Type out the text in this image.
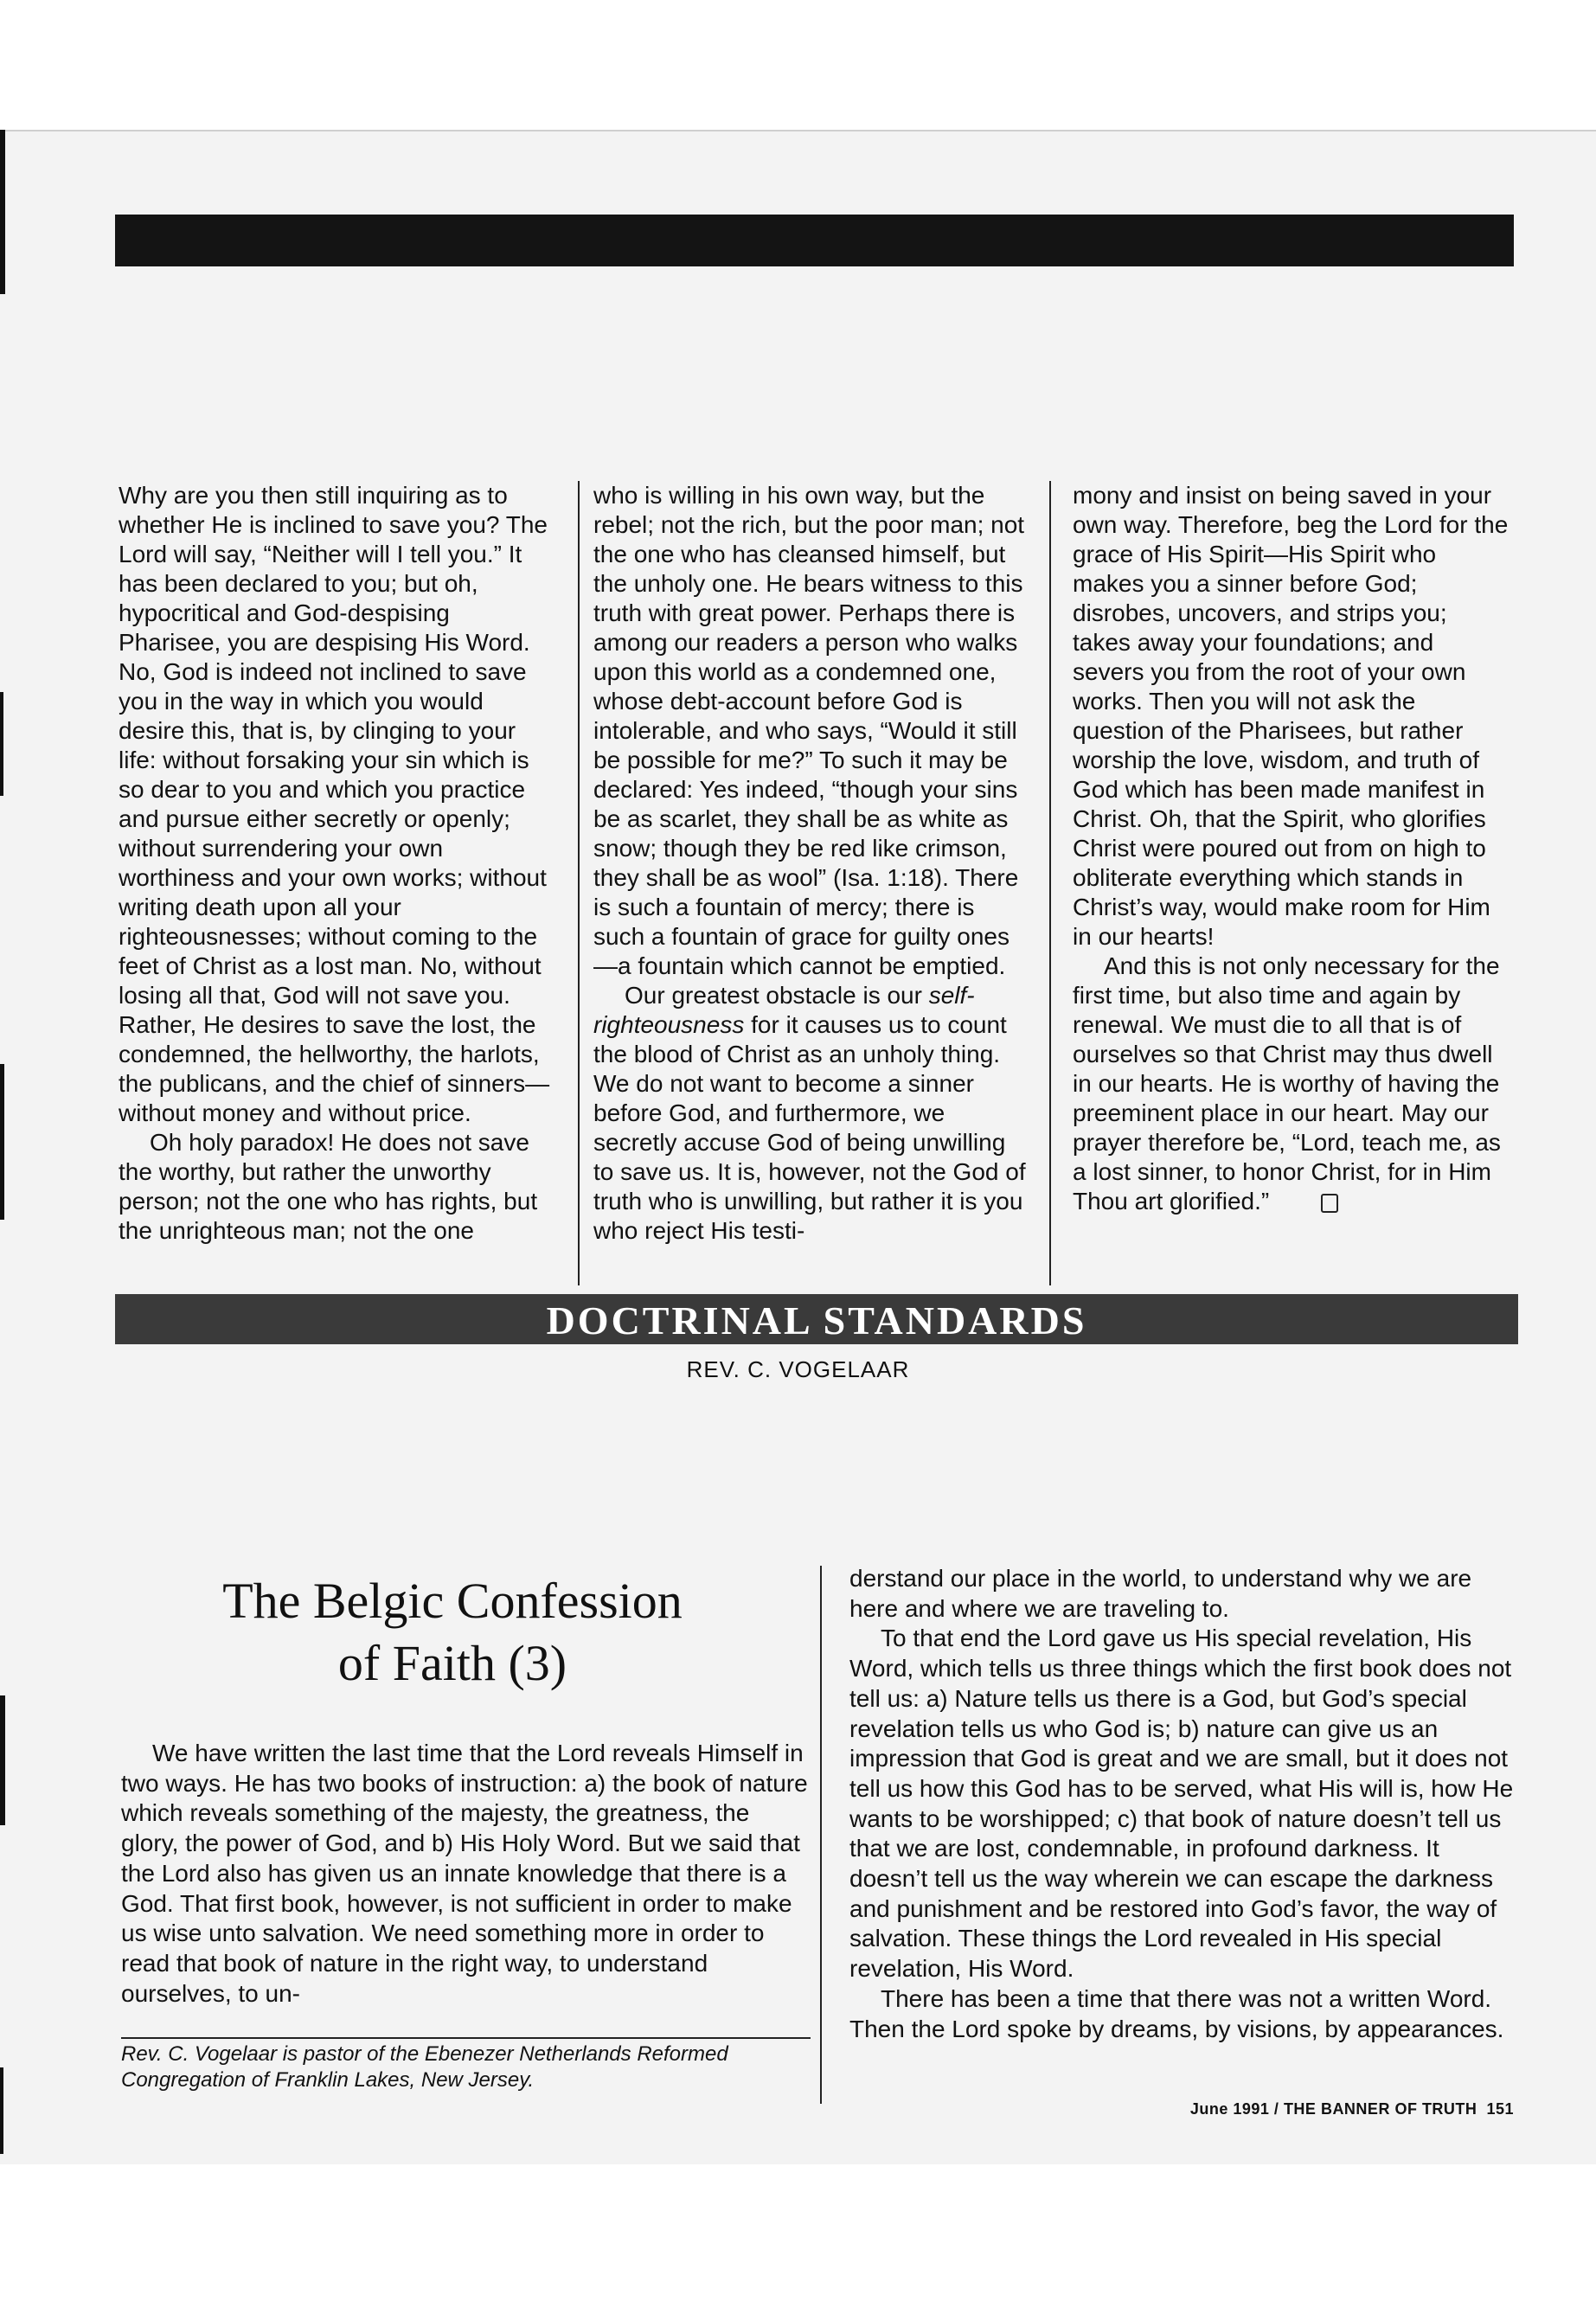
Why are you then still inquiring as to whether He is inclined to save you? The Lord will say, “Neither will I tell you.” It has been declared to you; but oh, hypocritical and God-despising Pharisee, you are despising His Word. No, God is indeed not inclined to save you in the way in which you would desire this, that is, by clinging to your life: without forsaking your sin which is so dear to you and which you practice and pursue either secretly or openly; without surrendering your own worthiness and your own works; without writing death upon all your righteousnesses; without coming to the feet of Christ as a lost man. No, without losing all that, God will not save you. Rather, He desires to save the lost, the condemned, the hellworthy, the harlots, the publicans, and the chief of sinners—without money and without price.

Oh holy paradox! He does not save the worthy, but rather the unworthy person; not the one who has rights, but the unrighteous man; not the one

who is willing in his own way, but the rebel; not the rich, but the poor man; not the one who has cleansed himself, but the unholy one. He bears witness to this truth with great power. Perhaps there is among our readers a person who walks upon this world as a condemned one, whose debt-account before God is intolerable, and who says, “Would it still be possible for me?” To such it may be declared: Yes indeed, “though your sins be as scarlet, they shall be as white as snow; though they be red like crimson, they shall be as wool” (Isa. 1:18). There is such a fountain of mercy; there is such a fountain of grace for guilty ones—a fountain which cannot be emptied.

Our greatest obstacle is our self-righteousness for it causes us to count the blood of Christ as an unholy thing. We do not want to become a sinner before God, and furthermore, we secretly accuse God of being unwilling to save us. It is, however, not the God of truth who is unwilling, but rather it is you who reject His testi-

mony and insist on being saved in your own way. Therefore, beg the Lord for the grace of His Spirit—His Spirit who makes you a sinner before God; disrobes, uncovers, and strips you; takes away your foundations; and severs you from the root of your own works. Then you will not ask the question of the Pharisees, but rather worship the love, wisdom, and truth of God which has been made manifest in Christ. Oh, that the Spirit, who glorifies Christ were poured out from on high to obliterate everything which stands in Christ’s way, would make room for Him in our hearts!

And this is not only necessary for the first time, but also time and again by renewal. We must die to all that is of ourselves so that Christ may thus dwell in our hearts. He is worthy of having the preeminent place in our heart. May our prayer therefore be, “Lord, teach me, as a lost sinner, to honor Christ, for in Him Thou art glorified.”

DOCTRINAL STANDARDS
REV. C. VOGELAAR
The Belgic Confession
of Faith (3)

We have written the last time that the Lord reveals Himself in two ways. He has two books of instruction: a) the book of nature which reveals something of the majesty, the greatness, the glory, the power of God, and b) His Holy Word. But we said that the Lord also has given us an innate knowledge that there is a God. That first book, however, is not sufficient in order to make us wise unto salvation. We need something more in order to read that book of nature in the right way, to understand ourselves, to un-

derstand our place in the world, to understand why we are here and where we are traveling to.

To that end the Lord gave us His special revelation, His Word, which tells us three things which the first book does not tell us: a) Nature tells us there is a God, but God’s special revelation tells us who God is; b) nature can give us an impression that God is great and we are small, but it does not tell us how this God has to be served, what His will is, how He wants to be worshipped; c) that book of nature doesn’t tell us that we are lost, condemnable, in profound darkness. It doesn’t tell us the way wherein we can escape the darkness and punishment and be restored into God’s favor, the way of salvation. These things the Lord revealed in His special revelation, His Word.

There has been a time that there was not a written Word. Then the Lord spoke by dreams, by visions, by appearances.

Rev. C. Vogelaar is pastor of the Ebenezer Netherlands Reformed Congregation of Franklin Lakes, New Jersey.
June 1991 / THE BANNER OF TRUTH 151
